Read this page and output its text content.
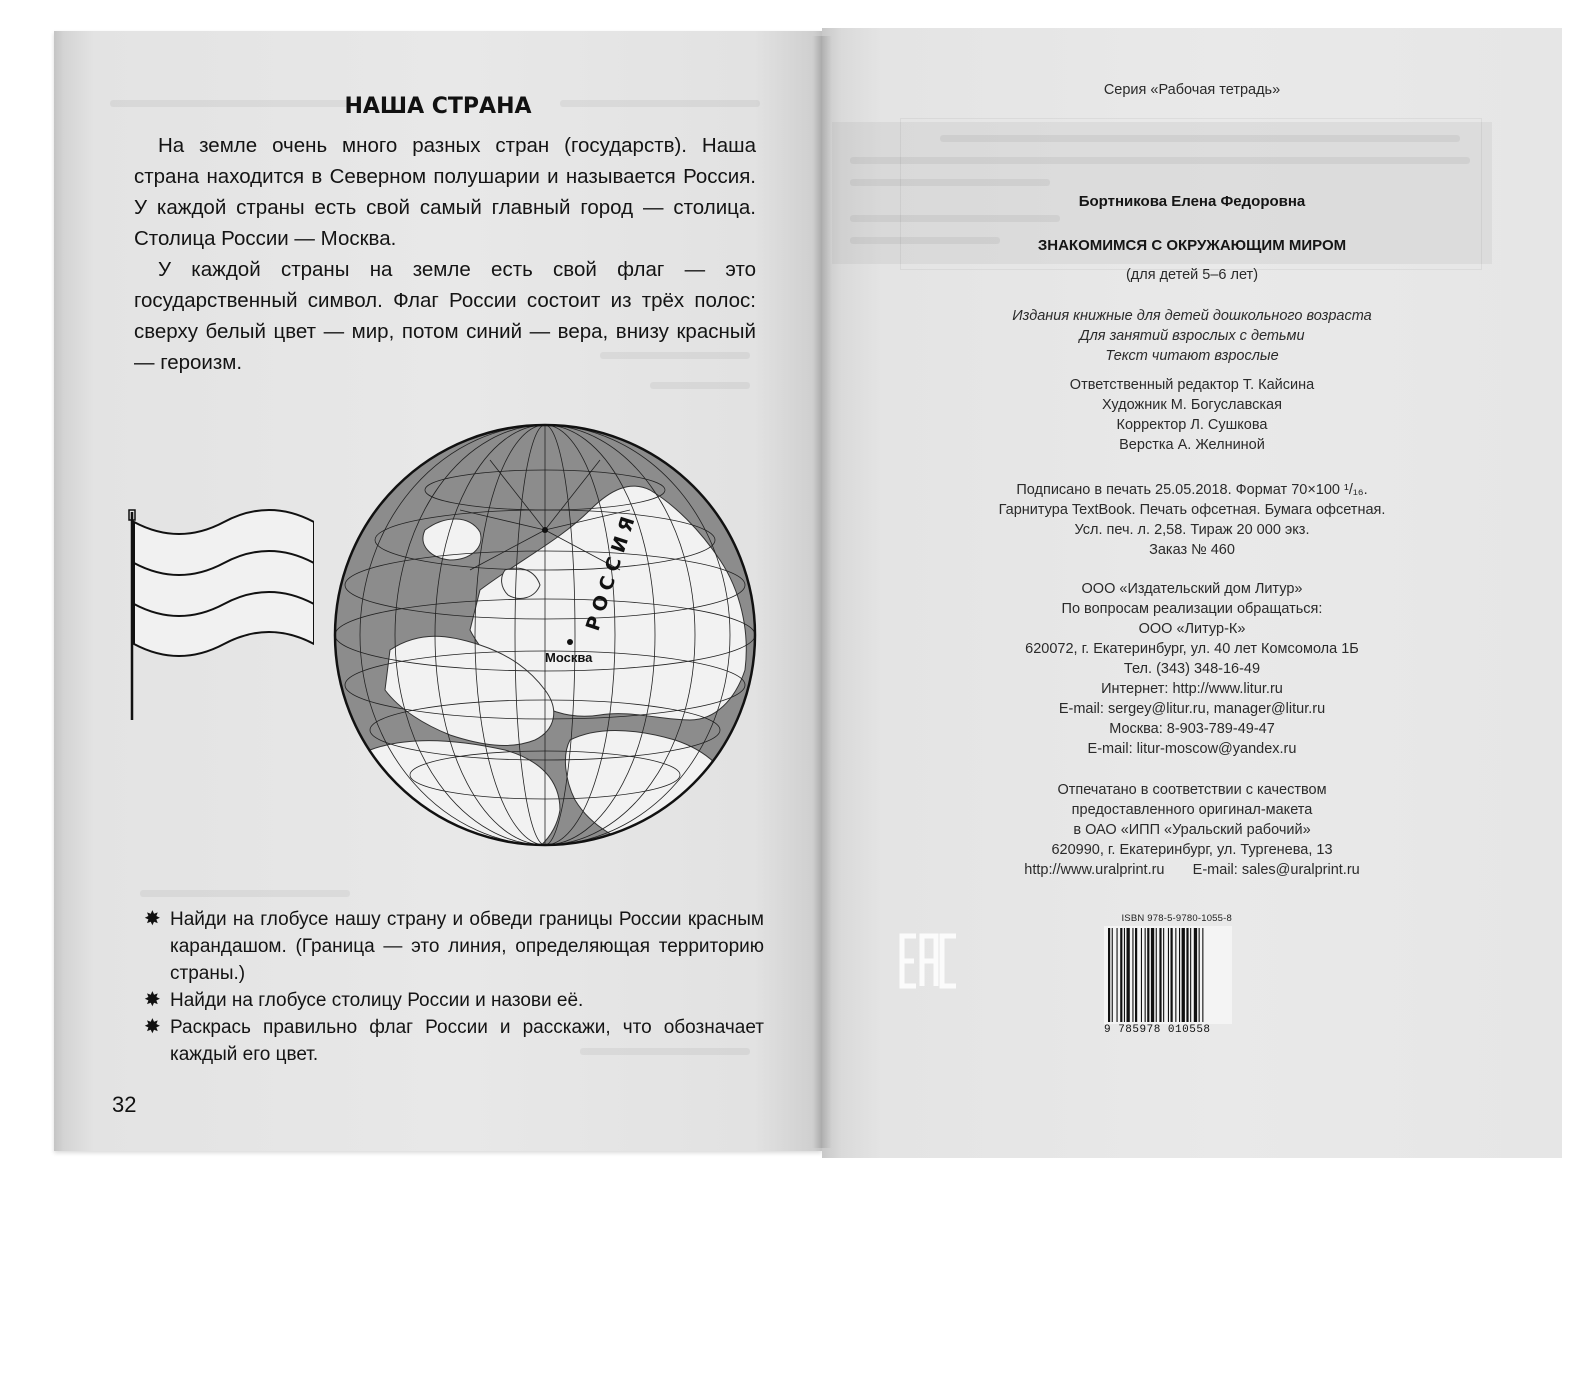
НАША СТРАНА

На земле очень много разных стран (государств). Наша страна находится в Северном полушарии и называется Россия. У каждой страны есть свой самый главный город — столица. Столица России — Москва.

У каждой страны на земле есть свой флаг — это государственный символ. Флаг России состоит из трёх полос: сверху белый цвет — мир, потом синий — вера, внизу красный — героизм.

РОССИЯ
Москва
✸ Найди на глобусе нашу страну и обведи границы России красным карандашом. (Граница — это линия, определяющая территорию страны.)
✸ Найди на глобусе столицу России и назови её.
✸ Раскрась правильно флаг России и расскажи, что обозначает каждый его цвет.
32
Серия «Рабочая тетрадь»
Бортникова Елена Федоровна
ЗНАКОМИМСЯ С ОКРУЖАЮЩИМ МИРОМ
(для детей 5–6 лет)
Издания книжные для детей дошкольного возраста
Для занятий взрослых с детьми
Текст читают взрослые
Ответственный редактор Т. Кайсина
Художник М. Богуславская
Корректор Л. Сушкова
Верстка А. Желниной
Подписано в печать 25.05.2018. Формат 70×100 ¹/₁₆.
Гарнитура TextBook. Печать офсетная. Бумага офсетная.
Усл. печ. л. 2,58. Тираж 20 000 экз.
Заказ № 460
ООО «Издательский дом Литур»
По вопросам реализации обращаться:
ООО «Литур-К»
620072, г. Екатеринбург, ул. 40 лет Комсомола 1Б
Тел. (343) 348-16-49
Интернет: http://www.litur.ru
E-mail: sergey@litur.ru, manager@litur.ru
Москва: 8-903-789-49-47
E-mail: litur-moscow@yandex.ru
Отпечатано в соответствии с качеством
предоставленного оригинал-макета
в ОАО «ИПП «Уральский рабочий»
620990, г. Екатеринбург, ул. Тургенева, 13
http://www.uralprint.ru       E-mail: sales@uralprint.ru
EAC
ISBN 978-5-9780-1055-8
9 785978 010558
